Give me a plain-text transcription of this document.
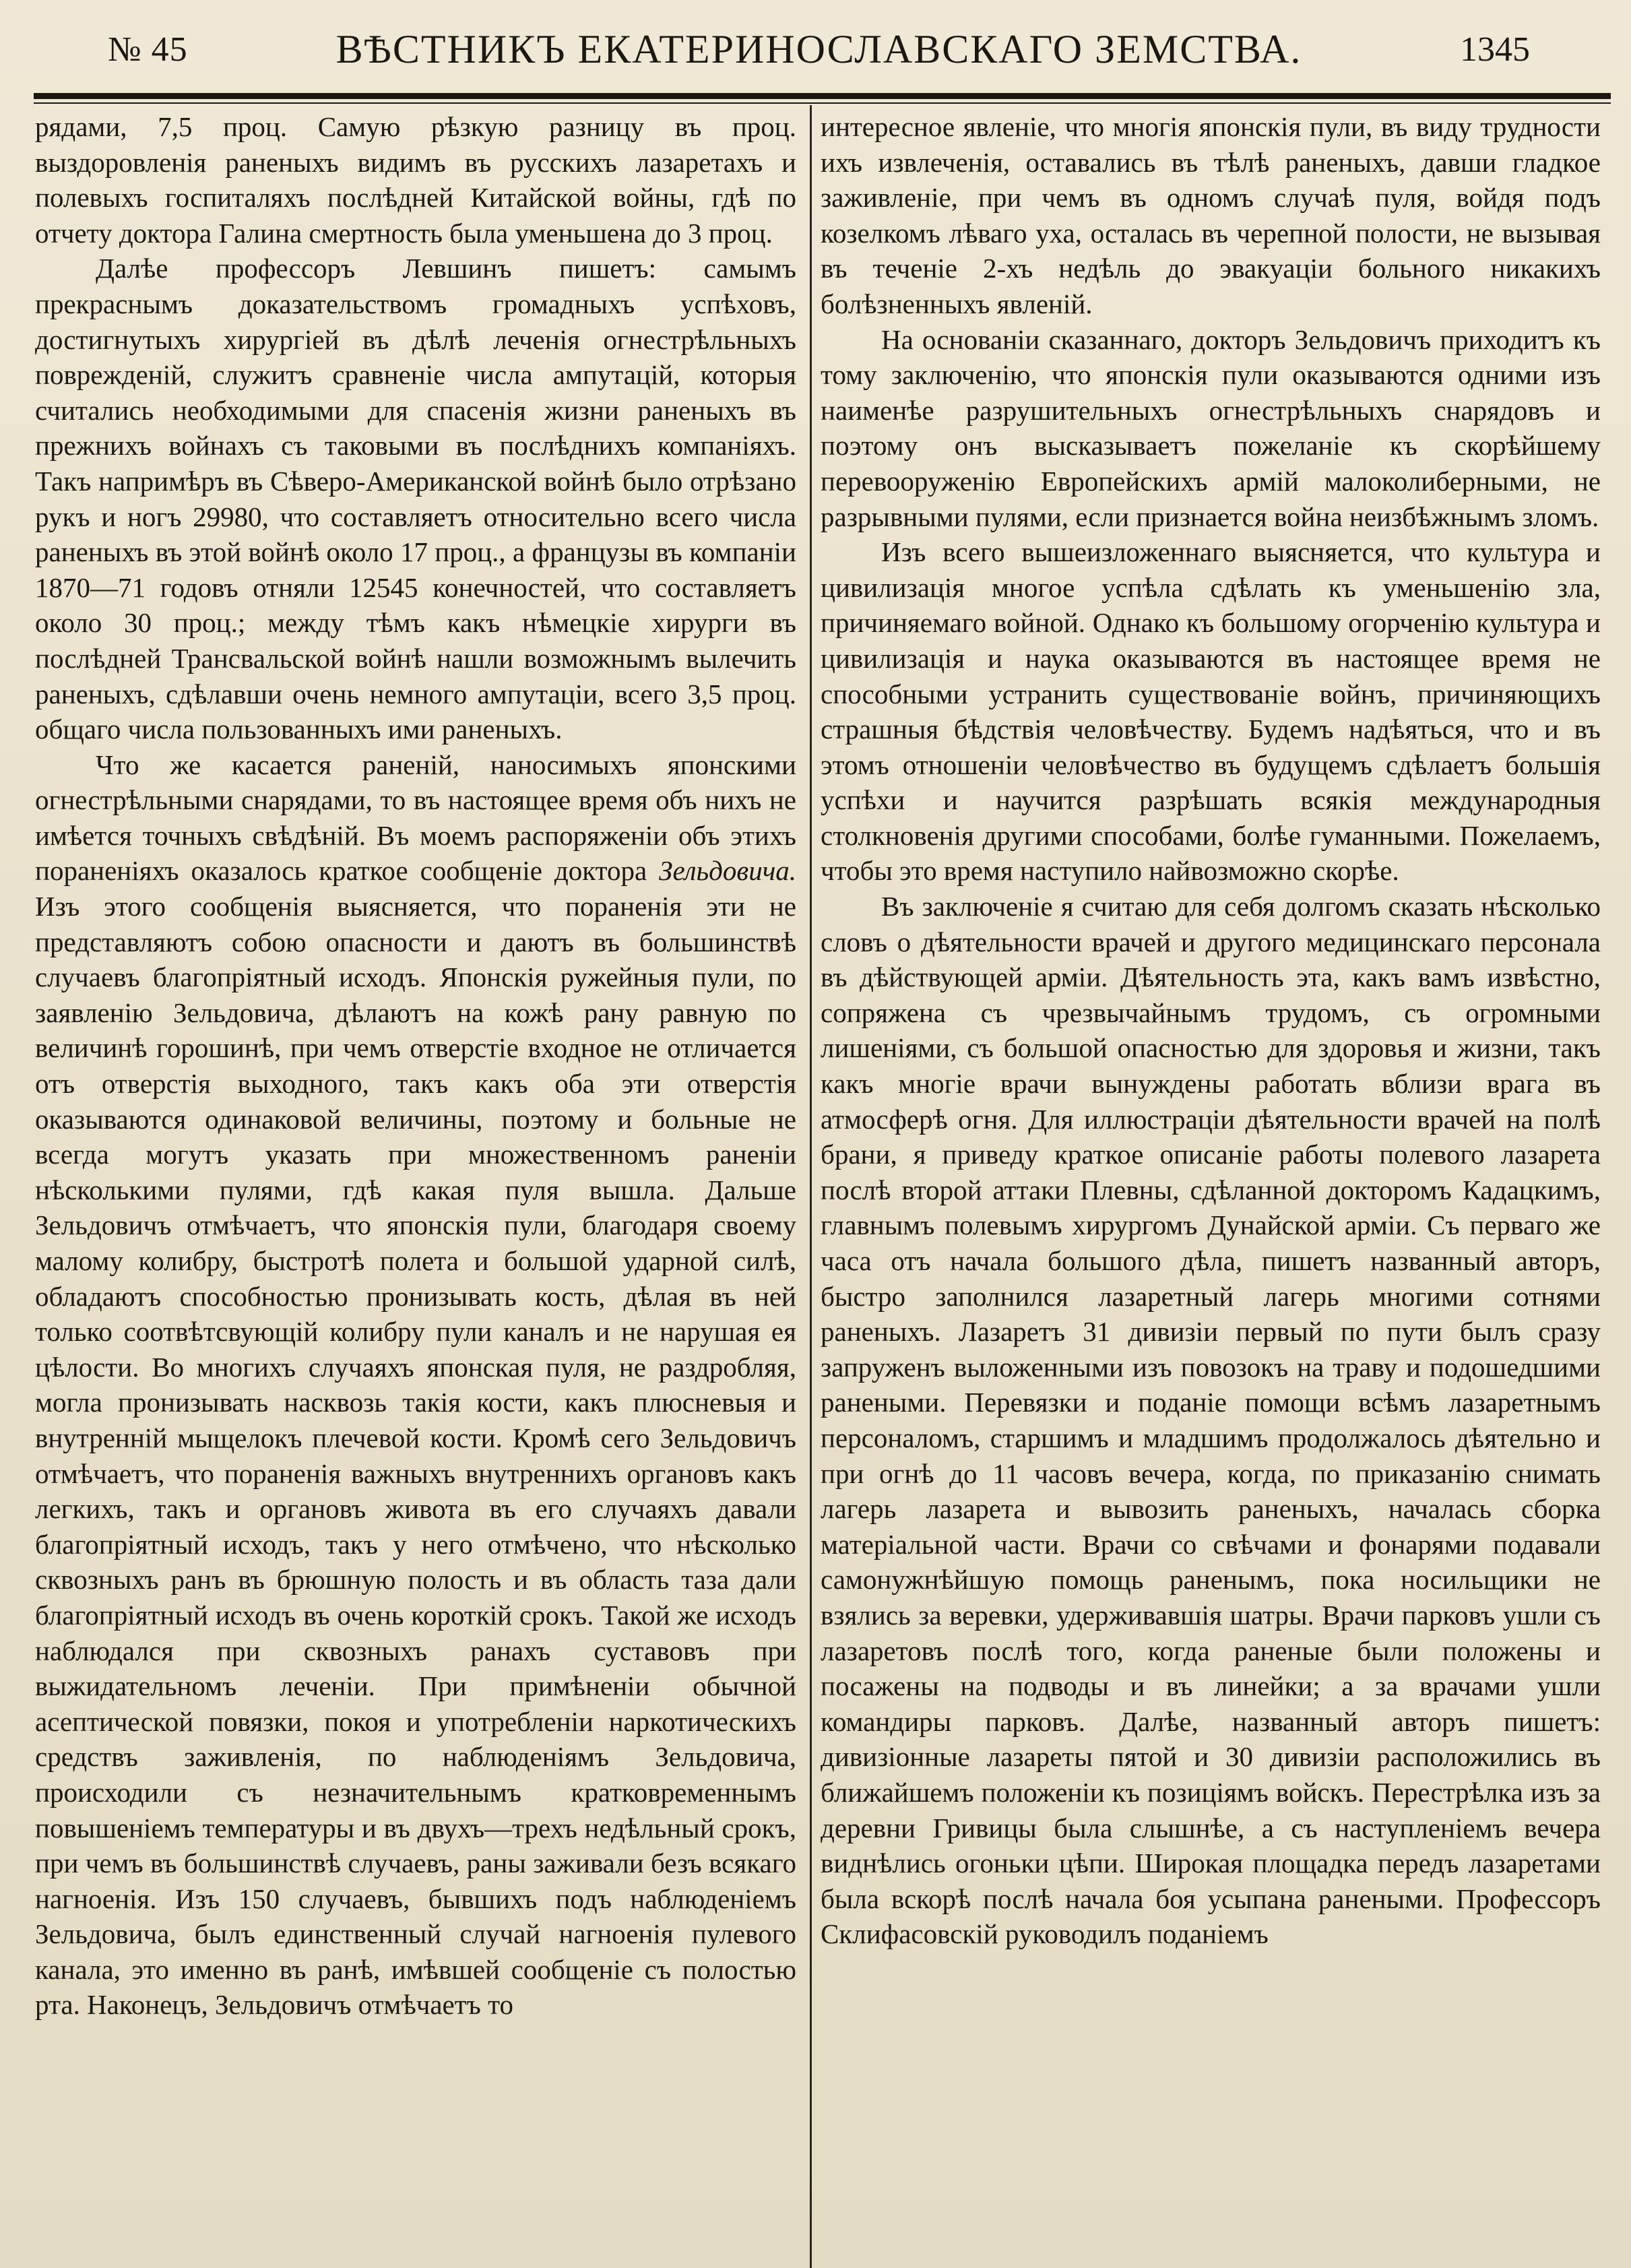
№ 45	ВѢСТНИКЪ ЕКАТЕРИНОСЛАВСКАГО ЗЕМСТВА.	1345

рядами, 7,5 проц. Самую рѣзкую разницу въ проц. выздоровленія раненыхъ видимъ въ русскихъ лазаретахъ и полевыхъ госпиталяхъ послѣдней Китайской войны, гдѣ по отчету доктора Галина смертность была уменьшена до 3 проц.

Далѣе профессоръ Левшинъ пишетъ: самымъ прекраснымъ доказательствомъ громадныхъ успѣховъ, достигнутыхъ хирургіей въ дѣлѣ леченія огнестрѣльныхъ поврежденій, служитъ сравненіе числа ампутацій, которыя считались необходимыми для спасенія жизни раненыхъ въ прежнихъ войнахъ съ таковыми въ послѣднихъ компаніяхъ. Такъ напримѣръ въ Сѣверо-Американской войнѣ было отрѣзано рукъ и ногъ 29980, что составляетъ относительно всего числа раненыхъ въ этой войнѣ около 17 проц., а французы въ компаніи 1870—71 годовъ отняли 12545 конечностей, что составляетъ около 30 проц.; между тѣмъ какъ нѣмецкіе хирурги въ послѣдней Трансвальской войнѣ нашли возможнымъ вылечить раненыхъ, сдѣлавши очень немного ампутаціи, всего 3,5 проц. общаго числа пользованныхъ ими раненыхъ.

Что же касается раненій, наносимыхъ японскими огнестрѣльными снарядами, то въ настоящее время объ нихъ не имѣется точныхъ свѣдѣній. Въ моемъ распоряженіи объ этихъ пораненіяхъ оказалось краткое сообщеніе доктора Зельдовича. Изъ этого сообщенія выясняется, что пораненія эти не представляютъ собою опасности и даютъ въ большинствѣ случаевъ благопріятный исходъ. Японскія ружейныя пули, по заявленію Зельдовича, дѣлаютъ на кожѣ рану равную по величинѣ горошинѣ, при чемъ отверстіе входное не отличается отъ отверстія выходного, такъ какъ оба эти отверстія оказываются одинаковой величины, поэтому и больные не всегда могутъ указать при множественномъ раненіи нѣсколькими пулями, гдѣ какая пуля вышла. Дальше Зельдовичъ отмѣчаетъ, что японскія пули, благодаря своему малому колибру, быстротѣ полета и большой ударной силѣ, обладаютъ способностью пронизывать кость, дѣлая въ ней только соотвѣтсвующій колибру пули каналъ и не нарушая ея цѣлости. Во многихъ случаяхъ японская пуля, не раздробляя, могла пронизывать насквозь такія кости, какъ плюсневыя и внутренній мыщелокъ плечевой кости. Кромѣ сего Зельдовичъ отмѣчаетъ, что пораненія важныхъ внутреннихъ органовъ какъ легкихъ, такъ и органовъ живота въ его случаяхъ давали благопріятный исходъ, такъ у него отмѣчено, что нѣсколько сквозныхъ ранъ въ брюшную полость и въ область таза дали благопріятный исходъ въ очень короткій срокъ. Такой же исходъ наблюдался при сквозныхъ ранахъ суставовъ при выжидательномъ леченіи. При примѣненіи обычной асептической повязки, покоя и употребленіи наркотическихъ средствъ заживленія, по наблюденіямъ Зельдовича, происходили съ незначительнымъ кратковременнымъ повышеніемъ температуры и въ двухъ—трехъ недѣльный срокъ, при чемъ въ большинствѣ случаевъ, раны заживали безъ всякаго нагноенія. Изъ 150 случаевъ, бывшихъ подъ наблюденіемъ Зельдовича, былъ единственный случай нагноенія пулевого канала, это именно въ ранѣ, имѣвшей сообщеніе съ полостью рта. Наконецъ, Зельдовичъ отмѣчаетъ то

интересное явленіе, что многія японскія пули, въ виду трудности ихъ извлеченія, оставались въ тѣлѣ раненыхъ, давши гладкое заживленіе, при чемъ въ одномъ случаѣ пуля, войдя подъ козелкомъ лѣваго уха, осталась въ черепной полости, не вызывая въ теченіе 2-хъ недѣль до эвакуаціи больного никакихъ болѣзненныхъ явленій.

На основаніи сказаннаго, докторъ Зельдовичъ приходитъ къ тому заключенію, что японскія пули оказываются одними изъ наименѣе разрушительныхъ огнестрѣльныхъ снарядовъ и поэтому онъ высказываетъ пожеланіе къ скорѣйшему перевооруженію Европейскихъ армій малоколиберными, не разрывными пулями, если признается война неизбѣжнымъ зломъ.

Изъ всего вышеизложеннаго выясняется, что культура и цивилизація многое успѣла сдѣлать къ уменьшенію зла, причиняемаго войной. Однако къ большому огорченію культура и цивилизація и наука оказываются въ настоящее время не способными устранить существованіе войнъ, причиняющихъ страшныя бѣдствія человѣчеству. Будемъ надѣяться, что и въ этомъ отношеніи человѣчество въ будущемъ сдѣлаетъ большія успѣхи и научится разрѣшать всякія международныя столкновенія другими способами, болѣе гуманными. Пожелаемъ, чтобы это время наступило найвозможно скорѣе.

Въ заключеніе я считаю для себя долгомъ сказать нѣсколько словъ о дѣятельности врачей и другого медицинскаго персонала въ дѣйствующей арміи. Дѣятельность эта, какъ вамъ извѣстно, сопряжена съ чрезвычайнымъ трудомъ, съ огромными лишеніями, съ большой опасностью для здоровья и жизни, такъ какъ многіе врачи вынуждены работать вблизи врага въ атмосферѣ огня. Для иллюстраціи дѣятельности врачей на полѣ брани, я приведу краткое описаніе работы полевого лазарета послѣ второй аттаки Плевны, сдѣланной докторомъ Кадацкимъ, главнымъ полевымъ хирургомъ Дунайской арміи. Съ перваго же часа отъ начала большого дѣла, пишетъ названный авторъ, быстро заполнился лазаретный лагерь многими сотнями раненыхъ. Лазаретъ 31 дивизіи первый по пути былъ сразу запруженъ выложенными изъ повозокъ на траву и подошедшими ранеными. Перевязки и поданіе помощи всѣмъ лазаретнымъ персоналомъ, старшимъ и младшимъ продолжалось дѣятельно и при огнѣ до 11 часовъ вечера, когда, по приказанію снимать лагерь лазарета и вывозить раненыхъ, началась сборка матеріальной части. Врачи со свѣчами и фонарями подавали самонужнѣйшую помощь раненымъ, пока носильщики не взялись за веревки, удерживавшія шатры. Врачи парковъ ушли съ лазаретовъ послѣ того, когда раненые были положены и посажены на подводы и въ линейки; а за врачами ушли командиры парковъ. Далѣе, названный авторъ пишетъ: дивизіонные лазареты пятой и 30 дивизіи расположились въ ближайшемъ положеніи къ позиціямъ войскъ. Перестрѣлка изъ за деревни Гривицы была слышнѣе, а съ наступленіемъ вечера виднѣлись огоньки цѣпи. Широкая площадка передъ лазаретами была вскорѣ послѣ начала боя усыпана ранеными. Профессоръ Склифасовскій руководилъ поданіемъ
